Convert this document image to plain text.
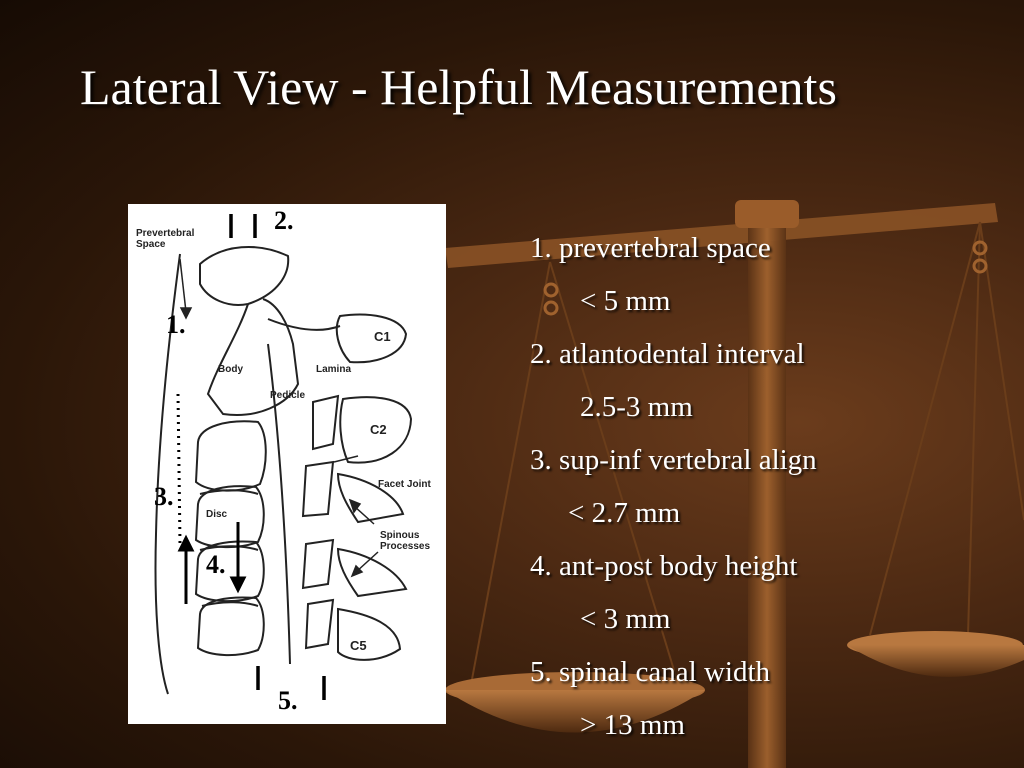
Lateral View - Helpful Measurements
Prevertebral
Space
Body	Lamina
Pedicle
C1
C2
C5
Facet Joint
Disc
Spinous
Processes
2.
1.
3.
4.
5.
1. prevertebral space
< 5 mm
2. atlantodental interval
2.5-3 mm
3. sup-inf vertebral align
< 2.7 mm
4. ant-post body height
< 3 mm
5. spinal canal width
> 13 mm
